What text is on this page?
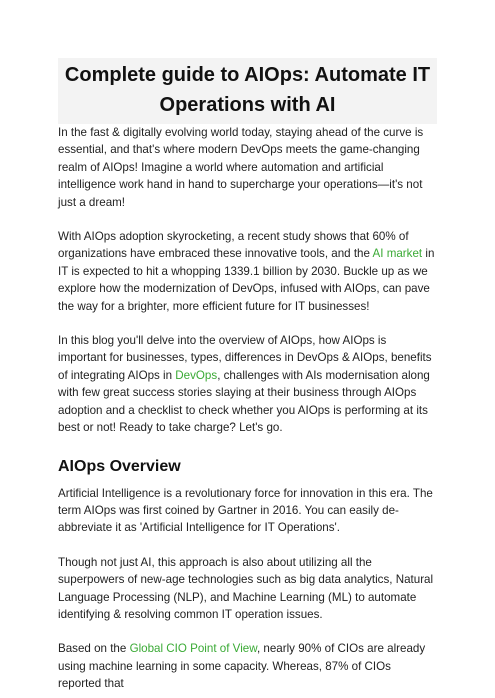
Complete guide to AIOps: Automate IT Operations with AI

In the fast & digitally evolving world today, staying ahead of the curve is essential, and that's where modern DevOps meets the game-changing realm of AIOps! Imagine a world where automation and artificial intelligence work hand in hand to supercharge your operations—it's not just a dream!

With AIOps adoption skyrocketing, a recent study shows that 60% of organizations have embraced these innovative tools, and the AI market in IT is expected to hit a whopping 1339.1 billion by 2030. Buckle up as we explore how the modernization of DevOps, infused with AIOps, can pave the way for a brighter, more efficient future for IT businesses!

In this blog you'll delve into the overview of AIOps, how AIOps is important for businesses, types, differences in DevOps & AIOps, benefits of integrating AIOps in DevOps, challenges with AIs modernisation along with few great success stories slaying at their business through AIOps adoption and a checklist to check whether you AIOps is performing at its best or not! Ready to take charge? Let's go.

AIOps Overview

Artificial Intelligence is a revolutionary force for innovation in this era. The term AIOps was first coined by Gartner in 2016. You can easily de-abbreviate it as 'Artificial Intelligence for IT Operations'.

Though not just AI, this approach is also about utilizing all the superpowers of new-age technologies such as big data analytics, Natural Language Processing (NLP), and Machine Learning (ML) to automate identifying & resolving common IT operation issues.

Based on the Global CIO Point of View, nearly 90% of CIOs are already using machine learning in some capacity. Whereas, 87% of CIOs reported that
